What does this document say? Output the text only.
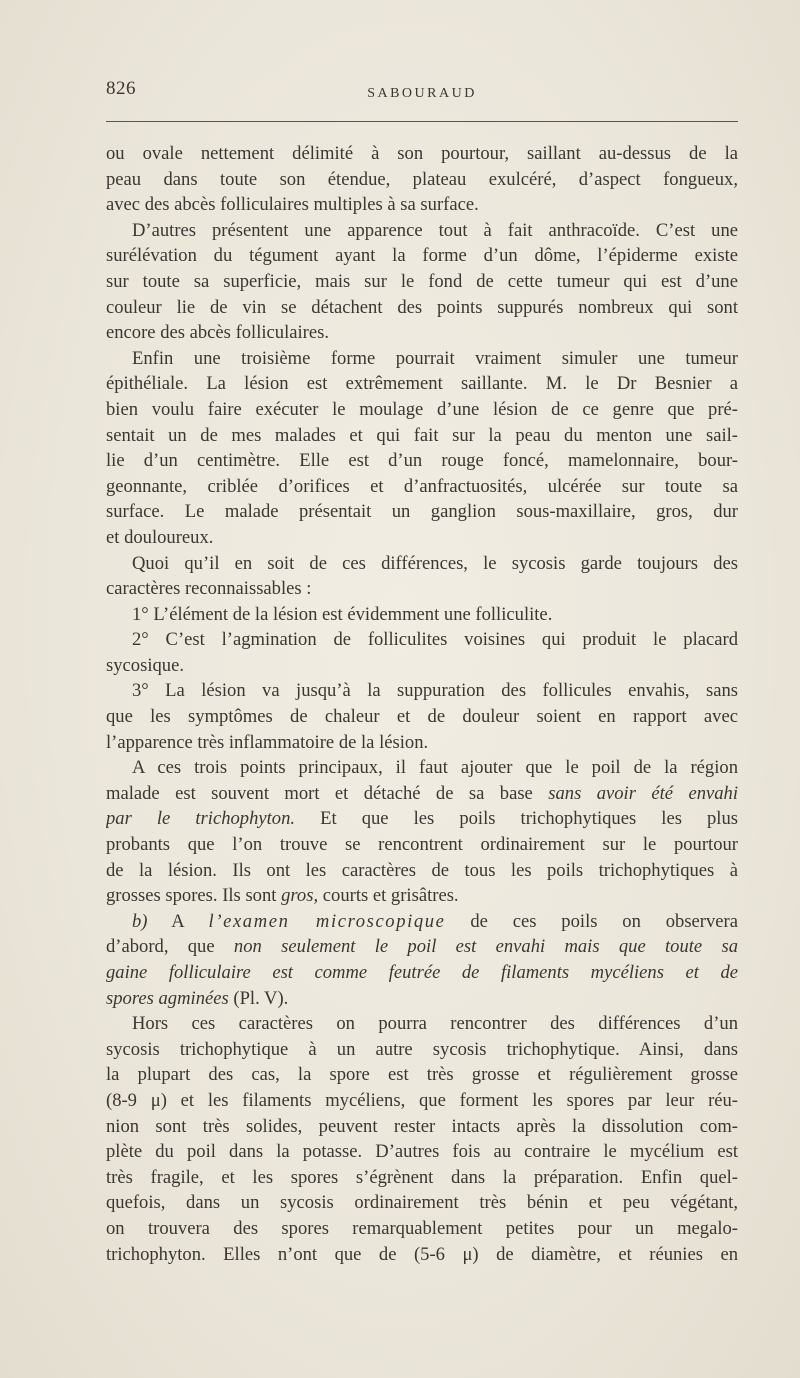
826	SABOURAUD
ou ovale nettement délimité à son pourtour, saillant au-dessus de la
peau dans toute son étendue, plateau exulcéré, d’aspect fongueux,
avec des abcès folliculaires multiples à sa surface.
D’autres présentent une apparence tout à fait anthracoïde. C’est une
surélévation du tégument ayant la forme d’un dôme, l’épiderme existe
sur toute sa superficie, mais sur le fond de cette tumeur qui est d’une
couleur lie de vin se détachent des points suppurés nombreux qui sont
encore des abcès folliculaires.
Enfin une troisième forme pourrait vraiment simuler une tumeur
épithéliale. La lésion est extrêmement saillante. M. le Dr Besnier a
bien voulu faire exécuter le moulage d’une lésion de ce genre que pré-
sentait un de mes malades et qui fait sur la peau du menton une sail-
lie d’un centimètre. Elle est d’un rouge foncé, mamelonnaire, bour-
geonnante, criblée d’orifices et d’anfractuosités, ulcérée sur toute sa
surface. Le malade présentait un ganglion sous-maxillaire, gros, dur
et douloureux.
Quoi qu’il en soit de ces différences, le sycosis garde toujours des
caractères reconnaissables :
1° L’élément de la lésion est évidemment une folliculite.
2° C’est l’agmination de folliculites voisines qui produit le placard
sycosique.
3° La lésion va jusqu’à la suppuration des follicules envahis, sans
que les symptômes de chaleur et de douleur soient en rapport avec
l’apparence très inflammatoire de la lésion.
A ces trois points principaux, il faut ajouter que le poil de la région
malade est souvent mort et détaché de sa base sans avoir été envahi
par le trichophyton. Et que les poils trichophytiques les plus
probants que l’on trouve se rencontrent ordinairement sur le pourtour
de la lésion. Ils ont les caractères de tous les poils trichophytiques à
grosses spores. Ils sont gros, courts et grisâtres.
b) A l’examen microscopique de ces poils on observera
d’abord, que non seulement le poil est envahi mais que toute sa
gaine folliculaire est comme feutrée de filaments mycéliens et de
spores agminées (Pl. V).
Hors ces caractères on pourra rencontrer des différences d’un
sycosis trichophytique à un autre sycosis trichophytique. Ainsi, dans
la plupart des cas, la spore est très grosse et régulièrement grosse
(8-9 μ) et les filaments mycéliens, que forment les spores par leur réu-
nion sont très solides, peuvent rester intacts après la dissolution com-
plète du poil dans la potasse. D’autres fois au contraire le mycélium est
très fragile, et les spores s’égrènent dans la préparation. Enfin quel-
quefois, dans un sycosis ordinairement très bénin et peu végétant,
on trouvera des spores remarquablement petites pour un megalo-
trichophyton. Elles n’ont que de (5-6 μ) de diamètre, et réunies en
